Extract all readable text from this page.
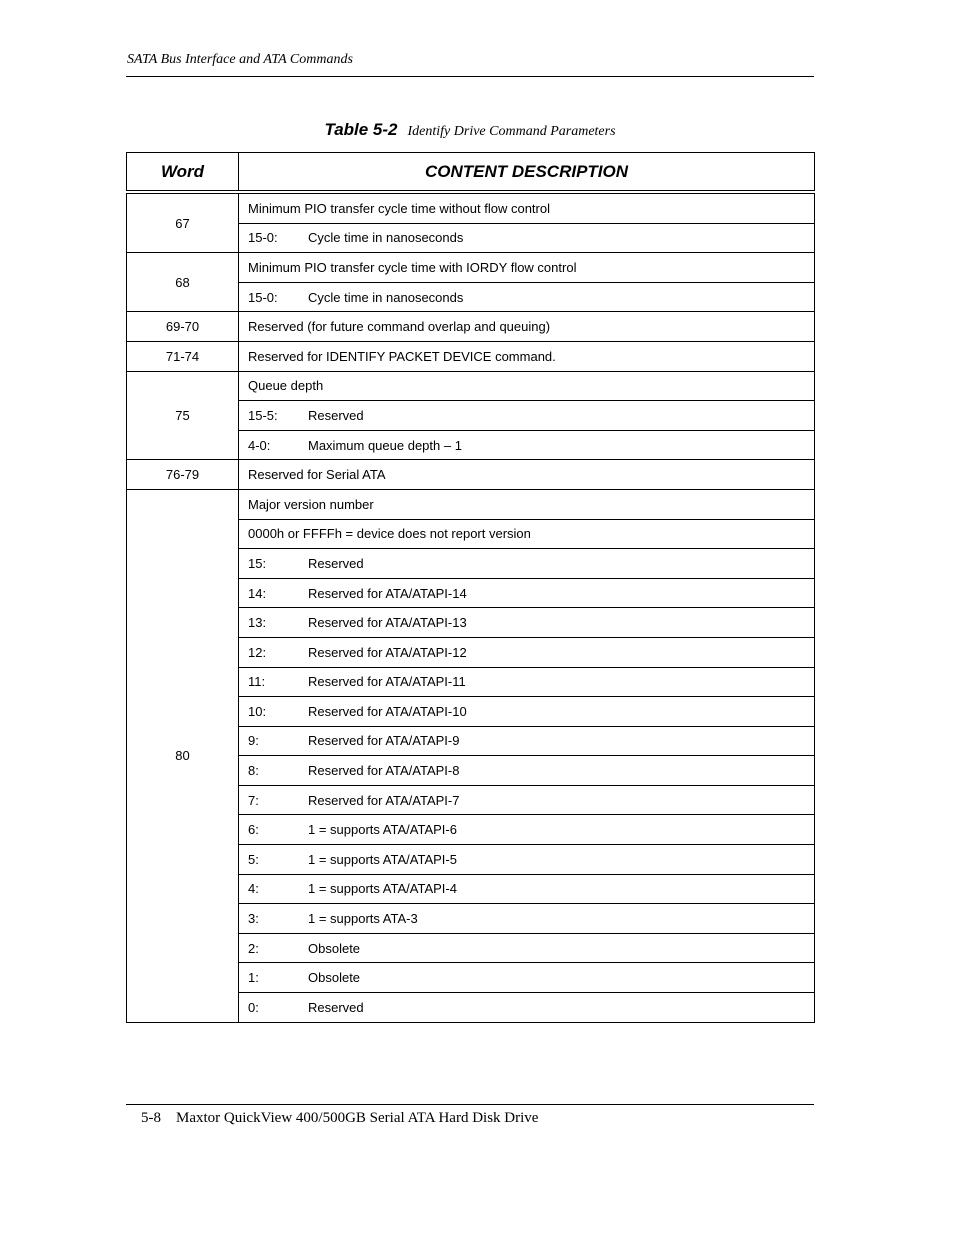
SATA Bus Interface and ATA Commands
Table 5-2 Identify Drive Command Parameters
Word	CONTENT DESCRIPTION
67	Minimum PIO transfer cycle time without flow control
	15-0: Cycle time in nanoseconds
68	Minimum PIO transfer cycle time with IORDY flow control
	15-0: Cycle time in nanoseconds
69-70	Reserved (for future command overlap and queuing)
71-74	Reserved for IDENTIFY PACKET DEVICE command.
75	Queue depth
	15-5: Reserved
	4-0: Maximum queue depth – 1
76-79	Reserved for Serial ATA
80	Major version number
	0000h or FFFFh = device does not report version
	15: Reserved
	14: Reserved for ATA/ATAPI-14
	13: Reserved for ATA/ATAPI-13
	12: Reserved for ATA/ATAPI-12
	11: Reserved for ATA/ATAPI-11
	10: Reserved for ATA/ATAPI-10
	9: Reserved for ATA/ATAPI-9
	8: Reserved for ATA/ATAPI-8
	7: Reserved for ATA/ATAPI-7
	6: 1 = supports ATA/ATAPI-6
	5: 1 = supports ATA/ATAPI-5
	4: 1 = supports ATA/ATAPI-4
	3: 1 = supports ATA-3
	2: Obsolete
	1: Obsolete
	0: Reserved
5-8 Maxtor QuickView 400/500GB Serial ATA Hard Disk Drive
